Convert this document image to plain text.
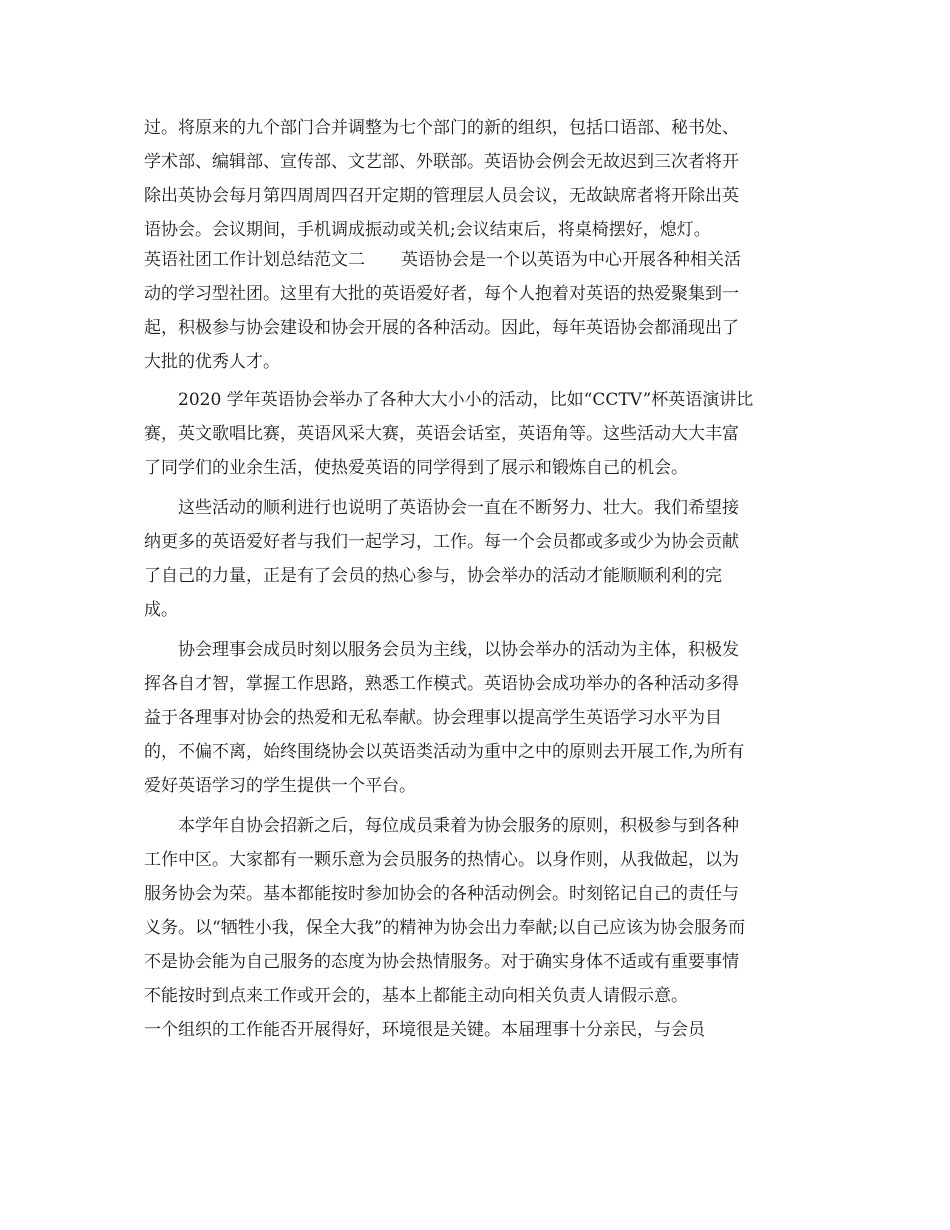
过。将原来的九个部门合并调整为七个部门的新的组织，包括口语部、秘书处、
学术部、编辑部、宣传部、文艺部、外联部。英语协会例会无故迟到三次者将开
除出英协会每月第四周周四召开定期的管理层人员会议，无故缺席者将开除出英
语协会。会议期间，手机调成振动或关机;会议结束后，将桌椅摆好，熄灯。
英语社团工作计划总结范文二 英语协会是一个以英语为中心开展各种相关活
动的学习型社团。这里有大批的英语爱好者，每个人抱着对英语的热爱聚集到一
起，积极参与协会建设和协会开展的各种活动。因此，每年英语协会都涌现出了
大批的优秀人才。
2020 学年英语协会举办了各种大大小小的活动，比如“CCTV”杯英语演讲比
赛，英文歌唱比赛，英语风采大赛，英语会话室，英语角等。这些活动大大丰富
了同学们的业余生活，使热爱英语的同学得到了展示和锻炼自己的机会。
这些活动的顺利进行也说明了英语协会一直在不断努力、壮大。我们希望接
纳更多的英语爱好者与我们一起学习，工作。每一个会员都或多或少为协会贡献
了自己的力量，正是有了会员的热心参与，协会举办的活动才能顺顺利利的完
成。
协会理事会成员时刻以服务会员为主线，以协会举办的活动为主体，积极发
挥各自才智，掌握工作思路，熟悉工作模式。英语协会成功举办的各种活动多得
益于各理事对协会的热爱和无私奉献。协会理事以提高学生英语学习水平为目
的，不偏不离，始终围绕协会以英语类活动为重中之中的原则去开展工作,为所有
爱好英语学习的学生提供一个平台。
本学年自协会招新之后，每位成员秉着为协会服务的原则，积极参与到各种
工作中区。大家都有一颗乐意为会员服务的热情心。以身作则，从我做起，以为
服务协会为荣。基本都能按时参加协会的各种活动例会。时刻铭记自己的责任与
义务。以“牺牲小我，保全大我”的精神为协会出力奉献;以自己应该为协会服务而
不是协会能为自己服务的态度为协会热情服务。对于确实身体不适或有重要事情
不能按时到点来工作或开会的，基本上都能主动向相关负责人请假示意。
一个组织的工作能否开展得好，环境很是关键。本届理事十分亲民，与会员
